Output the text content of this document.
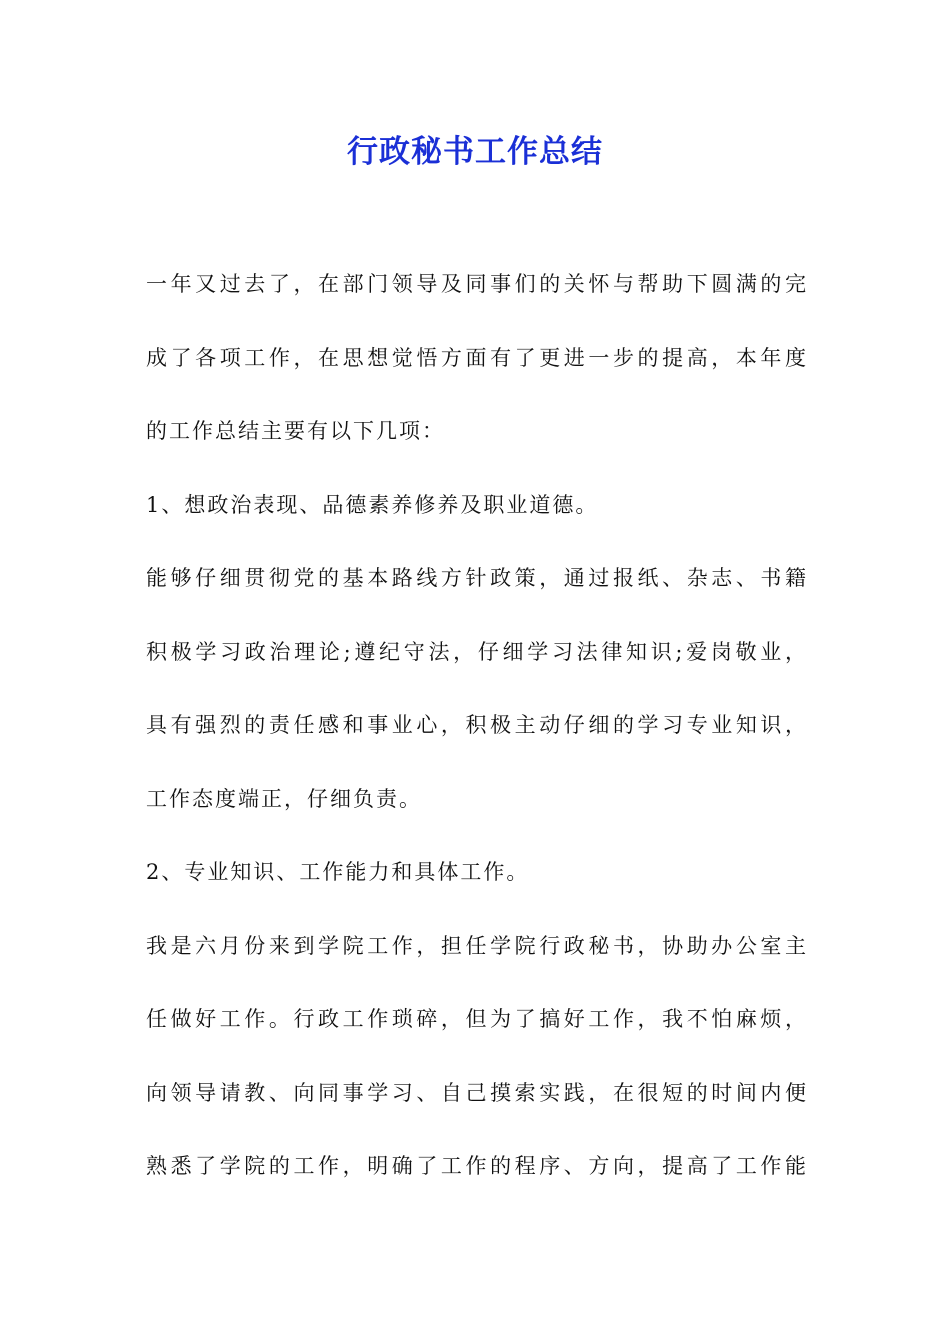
行政秘书工作总结
一年又过去了，在部门领导及同事们的关怀与帮助下圆满的完
成了各项工作，在思想觉悟方面有了更进一步的提高，本年度
的工作总结主要有以下几项：
1、想政治表现、品德素养修养及职业道德。
能够仔细贯彻党的基本路线方针政策，通过报纸、杂志、书籍
积极学习政治理论;遵纪守法，仔细学习法律知识;爱岗敬业，
具有强烈的责任感和事业心，积极主动仔细的学习专业知识，
工作态度端正，仔细负责。
2、专业知识、工作能力和具体工作。
我是六月份来到学院工作，担任学院行政秘书，协助办公室主
任做好工作。行政工作琐碎，但为了搞好工作，我不怕麻烦，
向领导请教、向同事学习、自己摸索实践，在很短的时间内便
熟悉了学院的工作，明确了工作的程序、方向，提高了工作能
